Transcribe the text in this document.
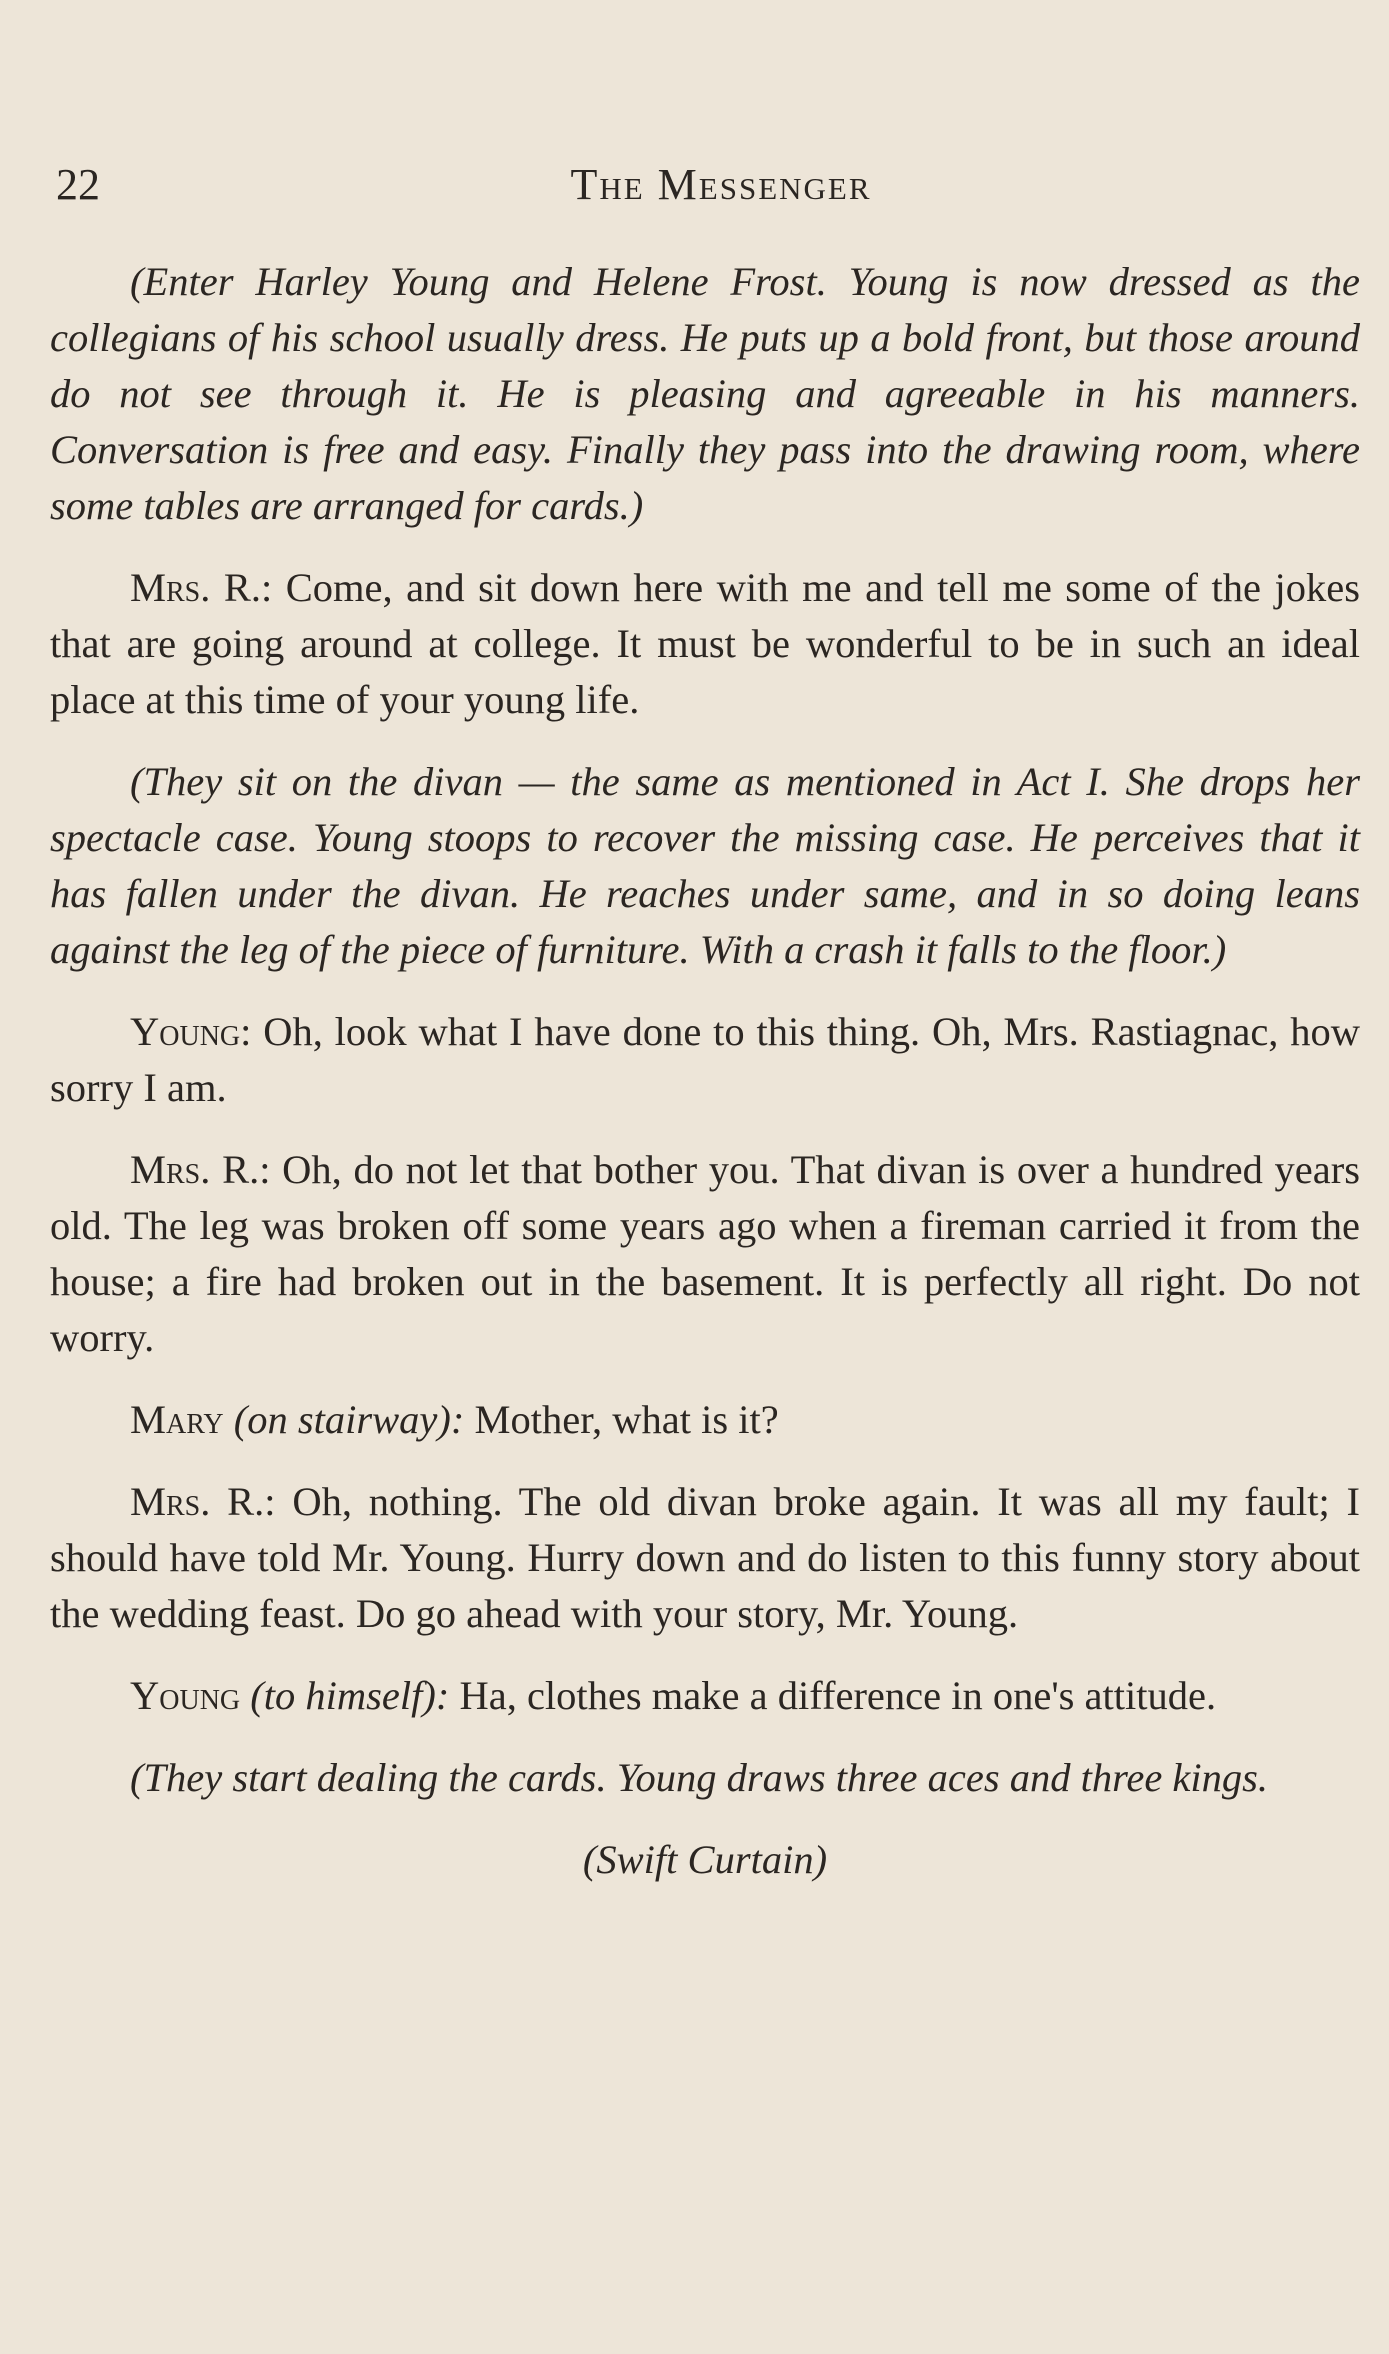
22	The Messenger

(Enter Harley Young and Helene Frost. Young is now dressed as the collegians of his school usually dress. He puts up a bold front, but those around do not see through it. He is pleasing and agreeable in his manners. Conversation is free and easy. Finally they pass into the drawing room, where some tables are arranged for cards.)

Mrs. R.: Come, and sit down here with me and tell me some of the jokes that are going around at college. It must be wonderful to be in such an ideal place at this time of your young life.

(They sit on the divan — the same as mentioned in Act I. She drops her spectacle case. Young stoops to recover the missing case. He perceives that it has fallen under the divan. He reaches under same, and in so doing leans against the leg of the piece of furniture. With a crash it falls to the floor.)

Young: Oh, look what I have done to this thing. Oh, Mrs. Rastiagnac, how sorry I am.

Mrs. R.: Oh, do not let that bother you. That divan is over a hundred years old. The leg was broken off some years ago when a fireman carried it from the house; a fire had broken out in the basement. It is perfectly all right. Do not worry.

Mary (on stairway): Mother, what is it?

Mrs. R.: Oh, nothing. The old divan broke again. It was all my fault; I should have told Mr. Young. Hurry down and do listen to this funny story about the wedding feast. Do go ahead with your story, Mr. Young.

Young (to himself): Ha, clothes make a difference in one's attitude.

(They start dealing the cards. Young draws three aces and three kings.

(Swift Curtain)
